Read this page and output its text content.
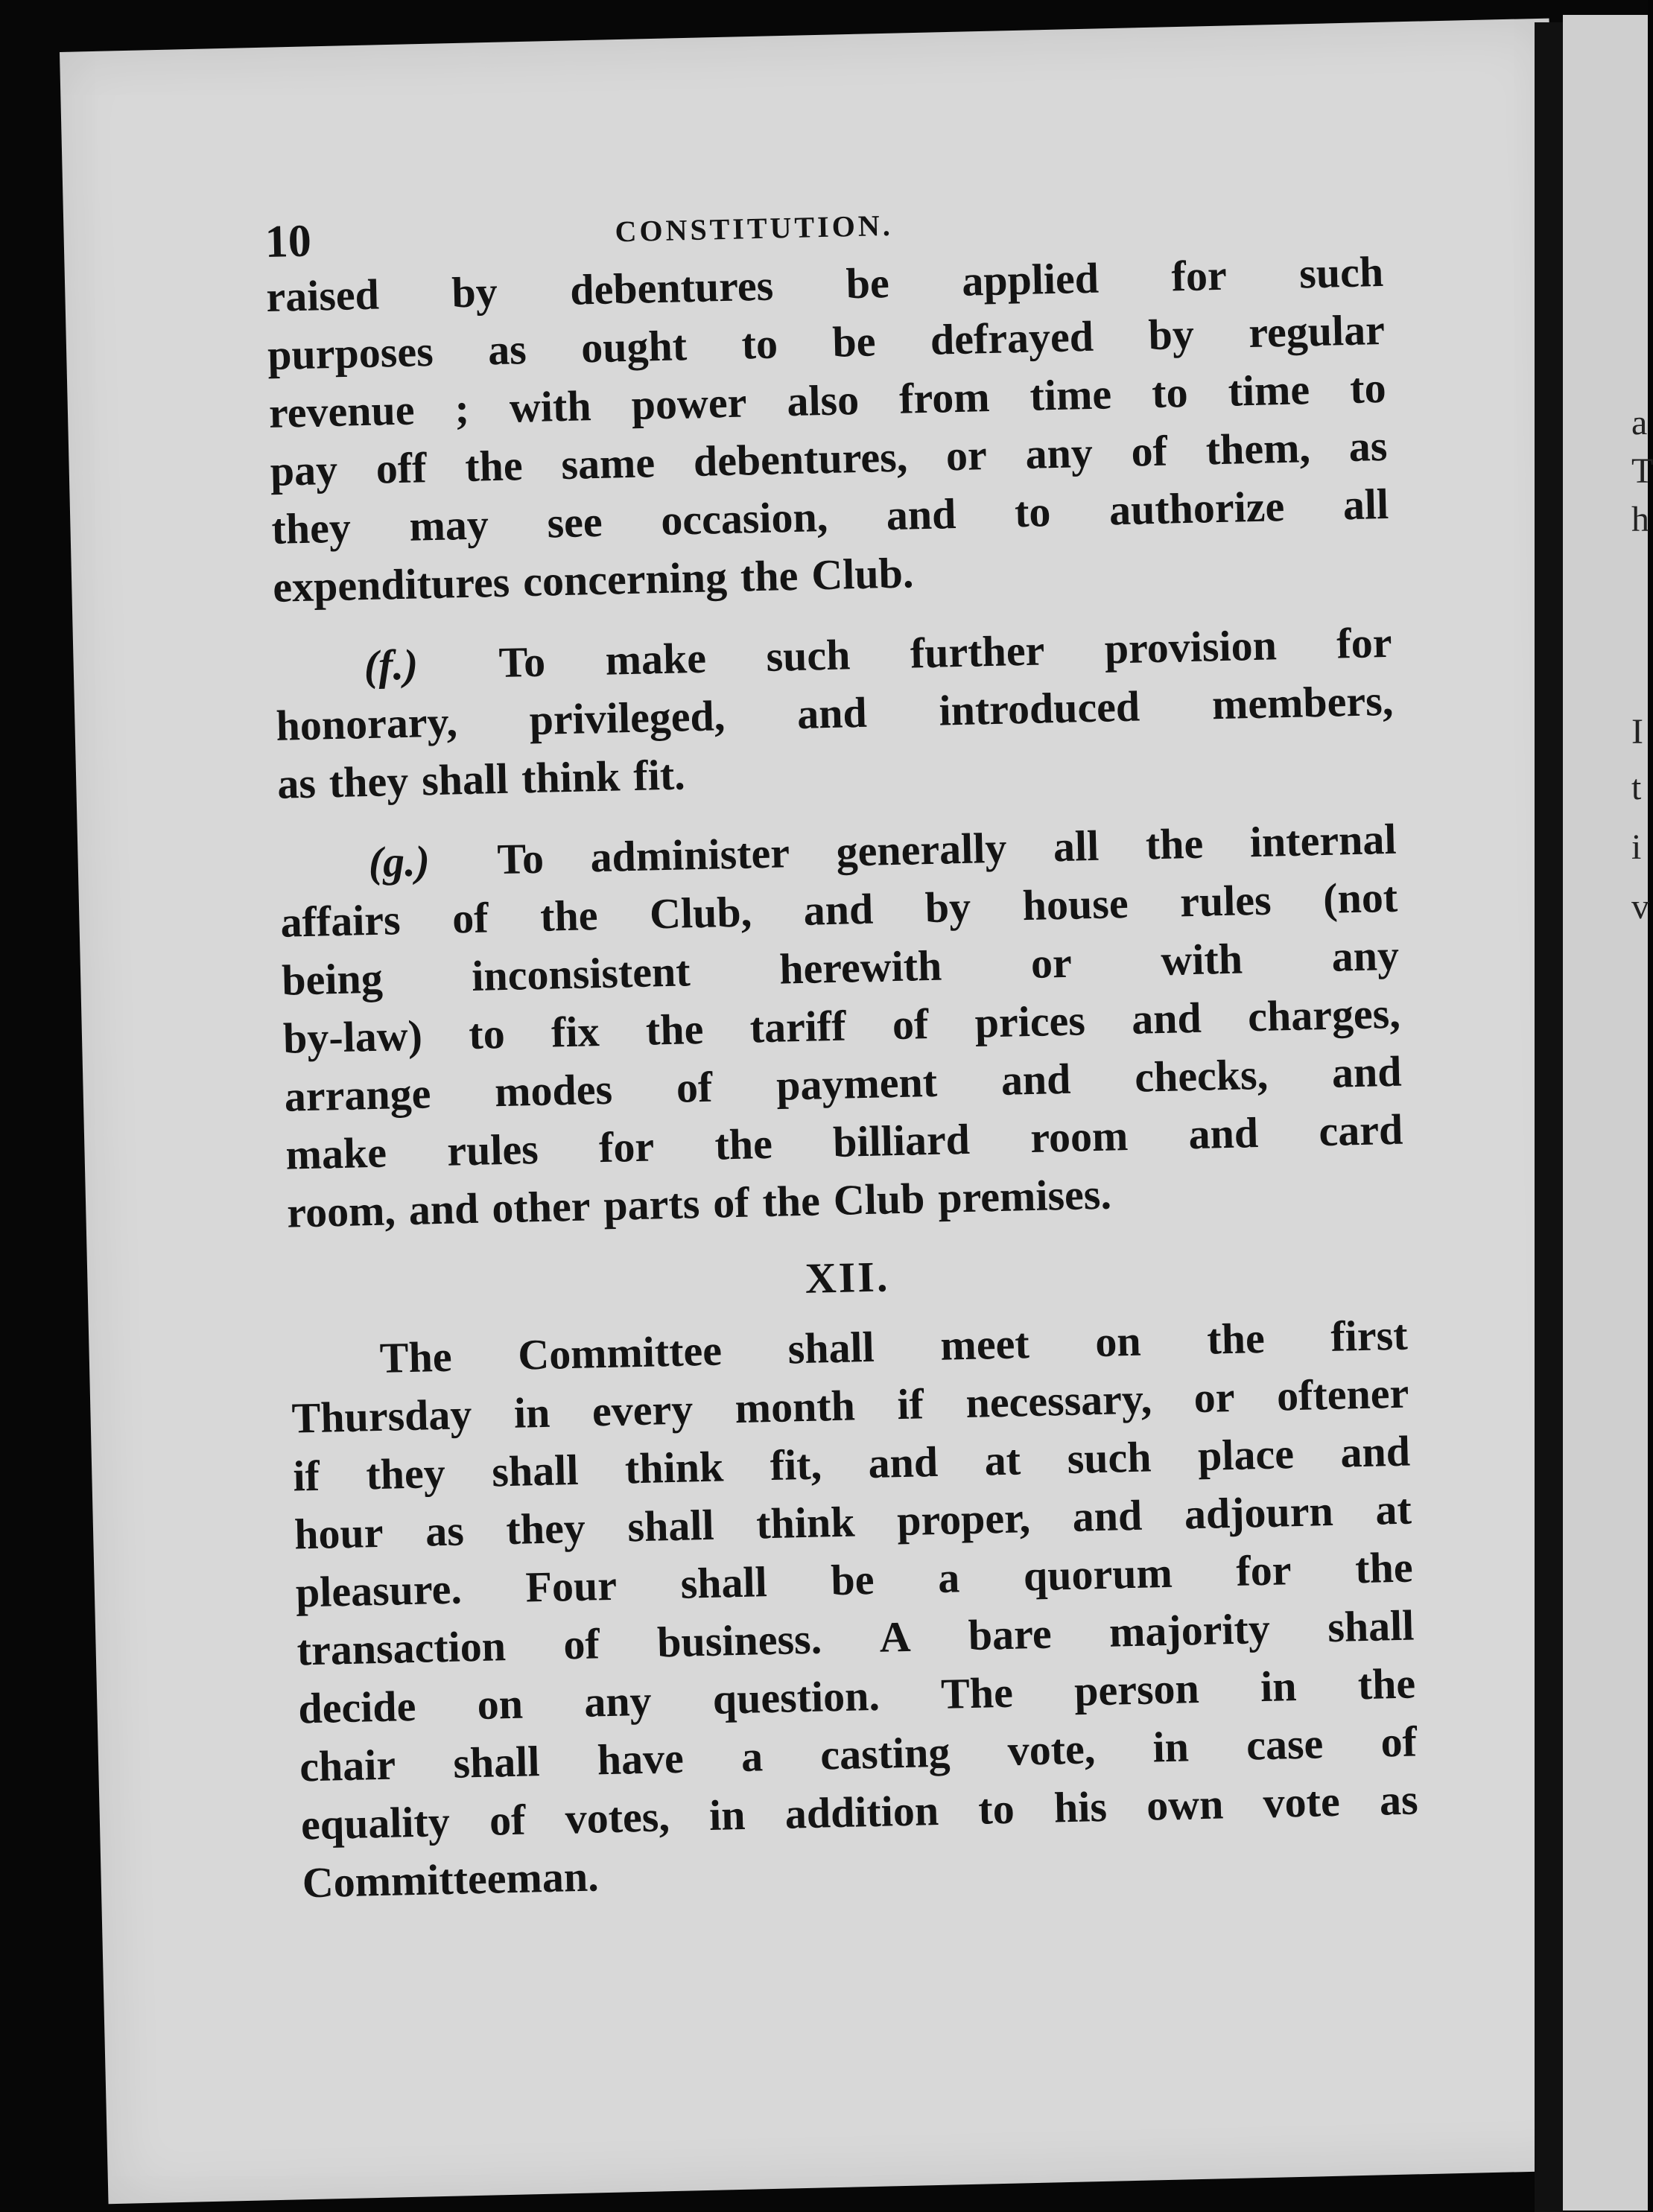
a
T
h
I
t
i
v
10	CONSTITUTION.
raised by debentures be applied for such
purposes as ought to be defrayed by regular
revenue ; with power also from time to time to
pay off the same debentures, or any of them, as
they may see occasion, and to authorize all
expenditures concerning the Club.
(f.) To make such further provision for
honorary, privileged, and introduced members,
as they shall think fit.
(g.) To administer generally all the internal
affairs of the Club, and by house rules (not
being inconsistent herewith or with any
by-law) to fix the tariff of prices and charges,
arrange modes of payment and checks, and
make rules for the billiard room and card
room, and other parts of the Club premises.
XII.
The Committee shall meet on the first
Thursday in every month if necessary, or oftener
if they shall think fit, and at such place and
hour as they shall think proper, and adjourn at
pleasure. Four shall be a quorum for the
transaction of business. A bare majority shall
decide on any question. The person in the
chair shall have a casting vote, in case of
equality of votes, in addition to his own vote as
Committeeman.
